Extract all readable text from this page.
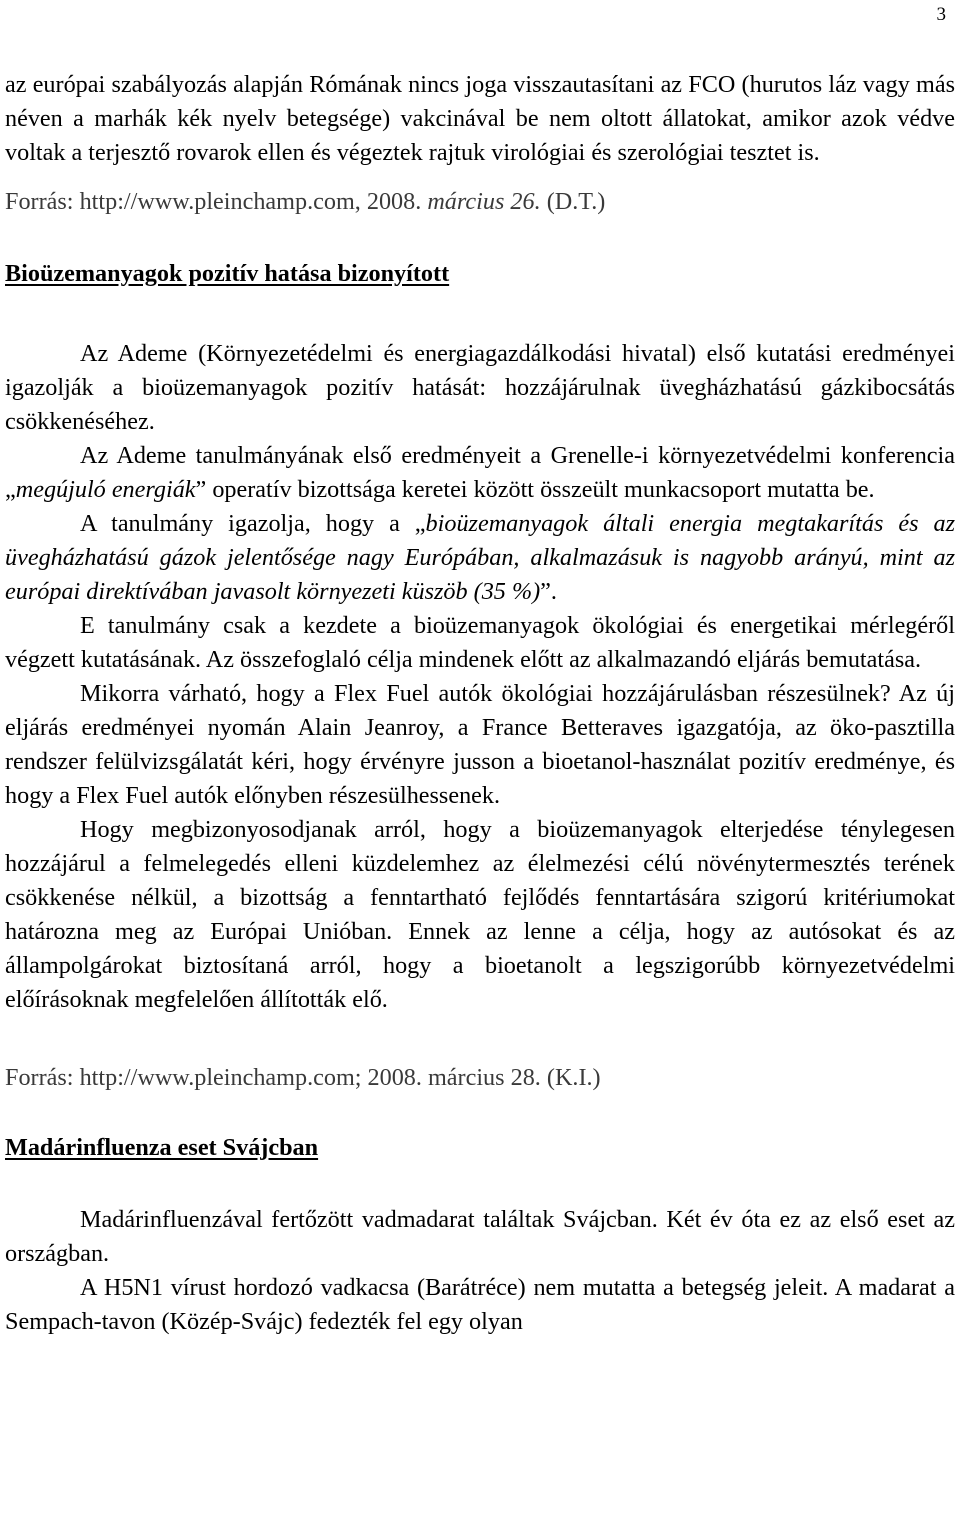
3

az európai szabályozás alapján Rómának nincs joga visszautasítani az FCO (hurutos láz vagy más néven a marhák kék nyelv betegsége) vakcinával be nem oltott állatokat, amikor azok védve voltak a terjesztő rovarok ellen és végeztek rajtuk virológiai és szerológiai tesztet is.

Forrás: http://www.pleinchamp.com, 2008. március 26. (D.T.)

Bioüzemanyagok pozitív hatása bizonyított

Az Ademe (Környezetédelmi és energiagazdálkodási hivatal) első kutatási eredményei igazolják a bioüzemanyagok pozitív hatását: hozzájárulnak üvegházhatású gázkibocsátás csökkenéséhez.

Az Ademe tanulmányának első eredményeit a Grenelle-i környezetvédelmi konferencia „megújuló energiák” operatív bizottsága keretei között összeült munkacsoport mutatta be.

A tanulmány igazolja, hogy a „bioüzemanyagok általi energia megtakarítás és az üvegházhatású gázok jelentősége nagy Európában, alkalmazásuk is nagyobb arányú, mint az európai direktívában javasolt környezeti küszöb (35 %)”.

E tanulmány csak a kezdete a bioüzemanyagok ökológiai és energetikai mérlegéről végzett kutatásának. Az összefoglaló célja mindenek előtt az alkalmazandó eljárás bemutatása.

Mikorra várható, hogy a Flex Fuel autók ökológiai hozzájárulásban részesülnek? Az új eljárás eredményei nyomán Alain Jeanroy, a France Betteraves igazgatója, az öko-pasztilla rendszer felülvizsgálatát kéri, hogy érvényre jusson a bioetanol-használat pozitív eredménye, és hogy a Flex Fuel autók előnyben részesülhessenek.

Hogy megbizonyosodjanak arról, hogy a bioüzemanyagok elterjedése ténylegesen hozzájárul a felmelegedés elleni küzdelemhez az élelmezési célú növénytermesztés terének csökkenése nélkül, a bizottság a fenntartható fejlődés fenntartására szigorú kritériumokat határozna meg az Európai Unióban. Ennek az lenne a célja, hogy az autósokat és az állampolgárokat biztosítaná arról, hogy a bioetanolt a legszigorúbb környezetvédelmi előírásoknak megfelelően állították elő.

Forrás: http://www.pleinchamp.com; 2008. március 28. (K.I.)

Madárinfluenza eset Svájcban

Madárinfluenzával fertőzött vadmadarat találtak Svájcban. Két év óta ez az első eset az országban.

A H5N1 vírust hordozó vadkacsa (Barátréce) nem mutatta a betegség jeleit. A madarat a Sempach-tavon (Közép-Svájc) fedezték fel egy olyan
